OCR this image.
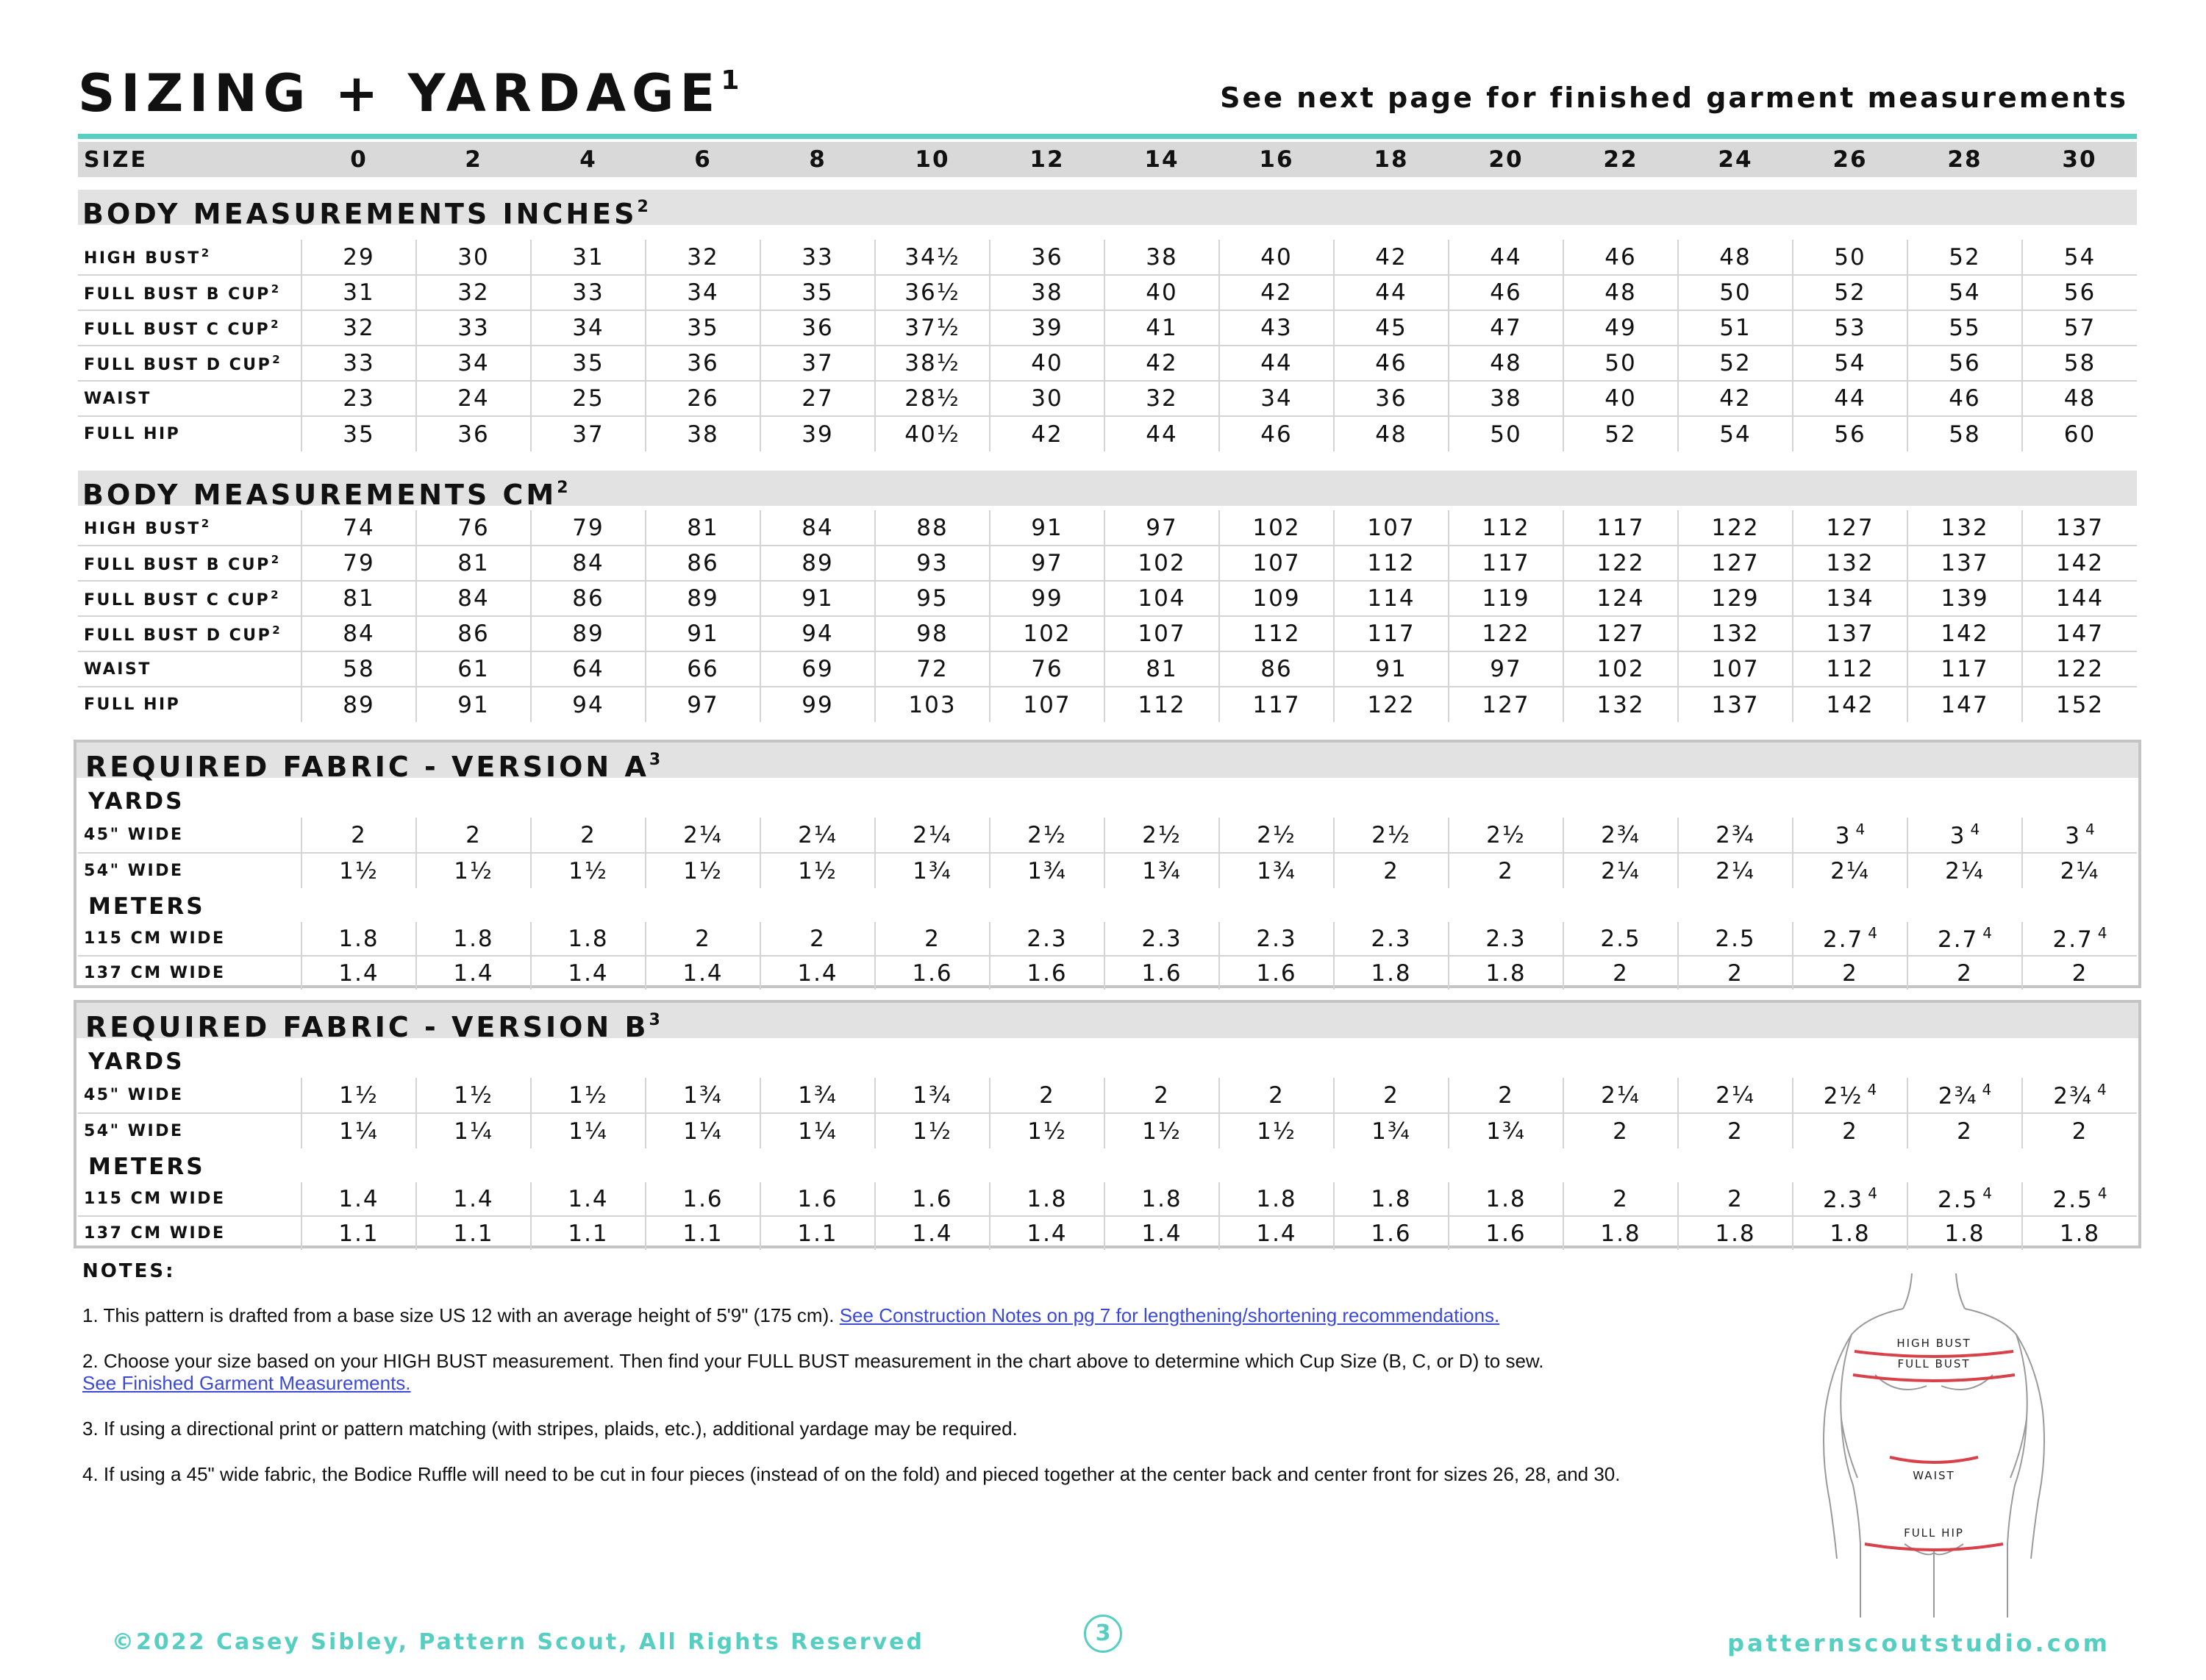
SIZING + $YARDAGE^1$
See next page for finished garment measurements
SIZE	0	2	4	6	8	10	12	14	16	18	20	22	24	26	28	30
BODY MEASUREMENTS INCHES$^2$
HIGH BUST$^2$	29	30	31	32	33	34½	36	38	40	42	44	46	48	50	52	54
FULL BUST B CUP$^2$	31	32	33	34	35	36½	38	40	42	44	46	48	50	52	54	56
FULL BUST C CUP$^2$	32	33	34	35	36	37½	39	41	43	45	47	49	51	53	55	57
FULL BUST D CUP$^2$	33	34	35	36	37	38½	40	42	44	46	48	50	52	54	56	58
WAIST	23	24	25	26	27	28½	30	32	34	36	38	40	42	44	46	48
FULL HIP	35	36	37	38	39	40½	42	44	46	48	50	52	54	56	58	60
BODY MEASUREMENTS $CM^2$
HIGH BUST$^2$	74	76	79	81	84	88	91	97	102	107	112	117	122	127	132	137
FULL BUST B CUP$^2$	79	81	84	86	89	93	97	102	107	112	117	122	127	132	137	142
FULL BUST C CUP$^2$	81	84	86	89	91	95	99	104	109	114	119	124	129	134	139	144
FULL BUST D CUP$^2$	84	86	89	91	94	98	102	107	112	117	122	127	132	137	142	147
WAIST	58	61	64	66	69	72	76	81	86	91	97	102	107	112	117	122
FULL HIP	89	91	94	97	99	103	107	112	117	122	127	132	137	142	147	152
REQUIRED FABRIC - VERSION $A^3$
YARDS
45" WIDE	2	2	2	2¼	2¼	2¼	2½	2½	2½	2½	2½	2¾	2¾	3 $^4$	3 $^4$	3 $^4$
54" WIDE	1½	1½	1½	1½	1½	1¾	1¾	1¾	1¾	2	2	2¼	2¼	2¼	2¼	2¼
METERS
115 CM WIDE	1.8	1.8	1.8	2	2	2	2.3	2.3	2.3	2.3	2.3	2.5	2.5	2.7 $^4$	2.7 $^4$	2.7 $^4$
137 CM WIDE	1.4	1.4	1.4	1.4	1.4	1.6	1.6	1.6	1.6	1.8	1.8	2	2	2	2	2
REQUIRED FABRIC - VERSION $B^3$
YARDS
45" WIDE	1½	1½	1½	1¾	1¾	1¾	2	2	2	2	2	2¼	2¼	2½ $^4$	2¾ $^4$	2¾ $^4$
54" WIDE	1¼	1¼	1¼	1¼	1¼	1½	1½	1½	1½	1¾	1¾	2	2	2	2	2
METERS
115 CM WIDE	1.4	1.4	1.4	1.6	1.6	1.6	1.8	1.8	1.8	1.8	1.8	2	2	2.3 $^4$	2.5 $^4$	2.5 $^4$
137 CM WIDE	1.1	1.1	1.1	1.1	1.1	1.4	1.4	1.4	1.4	1.6	1.6	1.8	1.8	1.8	1.8	1.8
NOTES:
1. This pattern is drafted from a base size US 12 with an average height of 5'9" (175 cm). See Construction Notes on pg 7 for lengthening/shortening recommendations.
2. Choose your size based on your HIGH BUST measurement. Then find your FULL BUST measurement in the chart above to determine which Cup Size (B, C, or D) to sew.
See Finished Garment Measurements.
3. If using a directional print or pattern matching (with stripes, plaids, etc.), additional yardage may be required.
4. If using a 45" wide fabric, the Bodice Ruffle will need to be cut in four pieces (instead of on the fold) and pieced together at the center back and center front for sizes 26, 28, and 30.
HIGH BUST
FULL BUST
WAIST
FULL HIP
©2022 Casey Sibley, Pattern Scout, All Rights Reserved	3	patternscoutstudio.com
